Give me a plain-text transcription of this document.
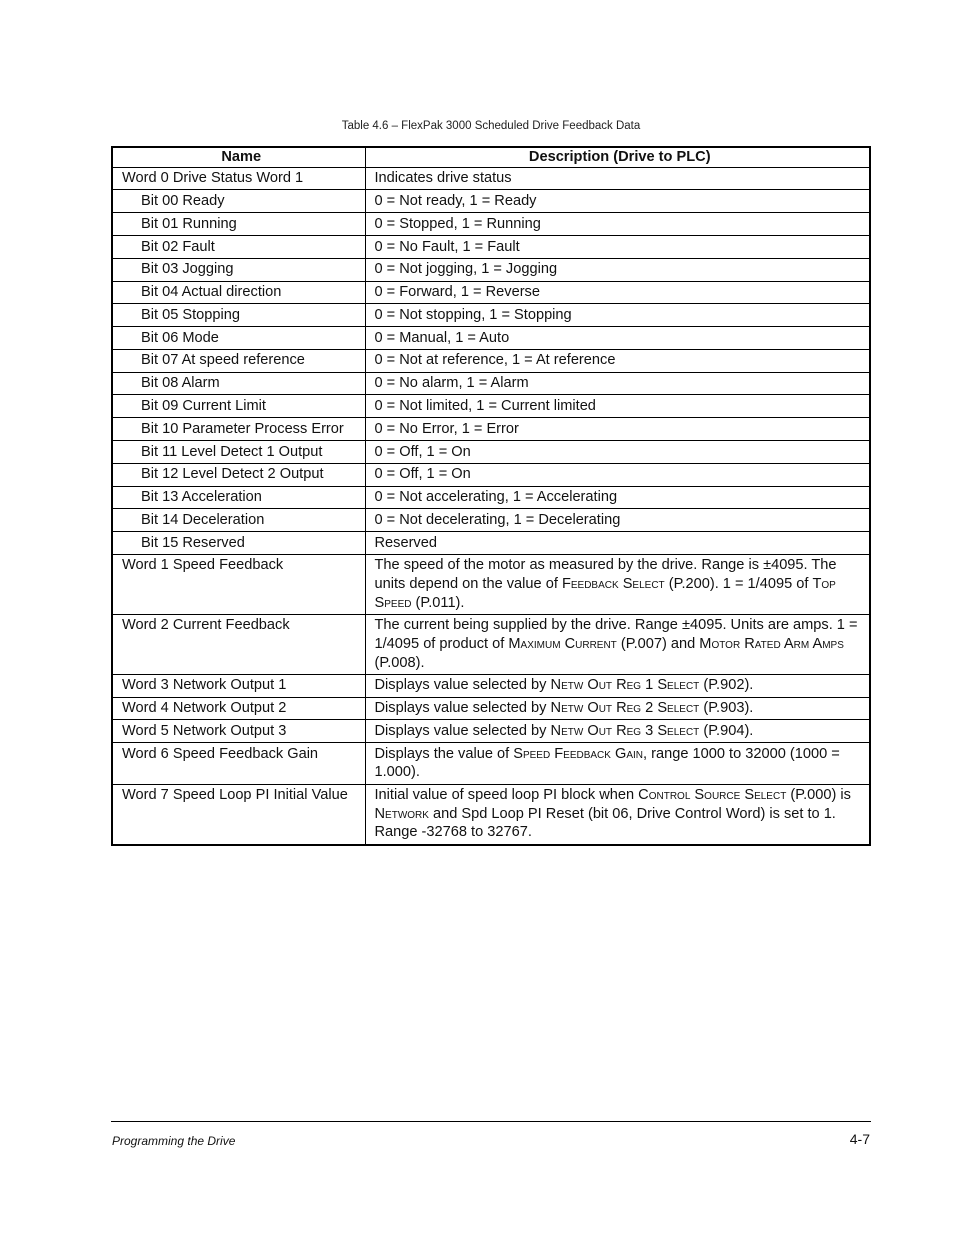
Table 4.6 – FlexPak 3000 Scheduled Drive Feedback Data
Name	Description (Drive to PLC)
Word 0 Drive Status Word 1	Indicates drive status
Bit 00 Ready	0 = Not ready, 1 = Ready
Bit 01 Running	0 = Stopped, 1 = Running
Bit 02 Fault	0 = No Fault, 1 = Fault
Bit 03 Jogging	0 = Not jogging, 1 = Jogging
Bit 04 Actual direction	0 = Forward, 1 = Reverse
Bit 05 Stopping	0 = Not stopping, 1 = Stopping
Bit 06 Mode	0 = Manual, 1 = Auto
Bit 07 At speed reference	0 = Not at reference, 1 = At reference
Bit 08 Alarm	0 = No alarm, 1 = Alarm
Bit 09 Current Limit	0 = Not limited, 1 = Current limited
Bit 10 Parameter Process Error	0 = No Error, 1 = Error
Bit 11 Level Detect 1 Output	0 = Off, 1 = On
Bit 12 Level Detect 2 Output	0 = Off, 1 = On
Bit 13 Acceleration	0 = Not accelerating, 1 = Accelerating
Bit 14 Deceleration	0 = Not decelerating, 1 = Decelerating
Bit 15 Reserved	Reserved
Word 1 Speed Feedback	The speed of the motor as measured by the drive. Range is ±4095. The units depend on the value of Feedback Select (P.200). 1 = 1/4095 of Top Speed (P.011).
Word 2 Current Feedback	The current being supplied by the drive. Range ±4095. Units are amps. 1 = 1/4095 of product of Maximum Current (P.007) and Motor Rated Arm Amps (P.008).
Word 3 Network Output 1	Displays value selected by Netw Out Reg 1 Select (P.902).
Word 4 Network Output 2	Displays value selected by Netw Out Reg 2 Select (P.903).
Word 5 Network Output 3	Displays value selected by Netw Out Reg 3 Select (P.904).
Word 6 Speed Feedback Gain	Displays the value of Speed Feedback Gain, range 1000 to 32000 (1000 = 1.000).
Word 7 Speed Loop PI Initial Value	Initial value of speed loop PI block when Control Source Select (P.000) is Network and Spd Loop PI Reset (bit 06, Drive Control Word) is set to 1. Range -32768 to 32767.
Programming the Drive	4-7
